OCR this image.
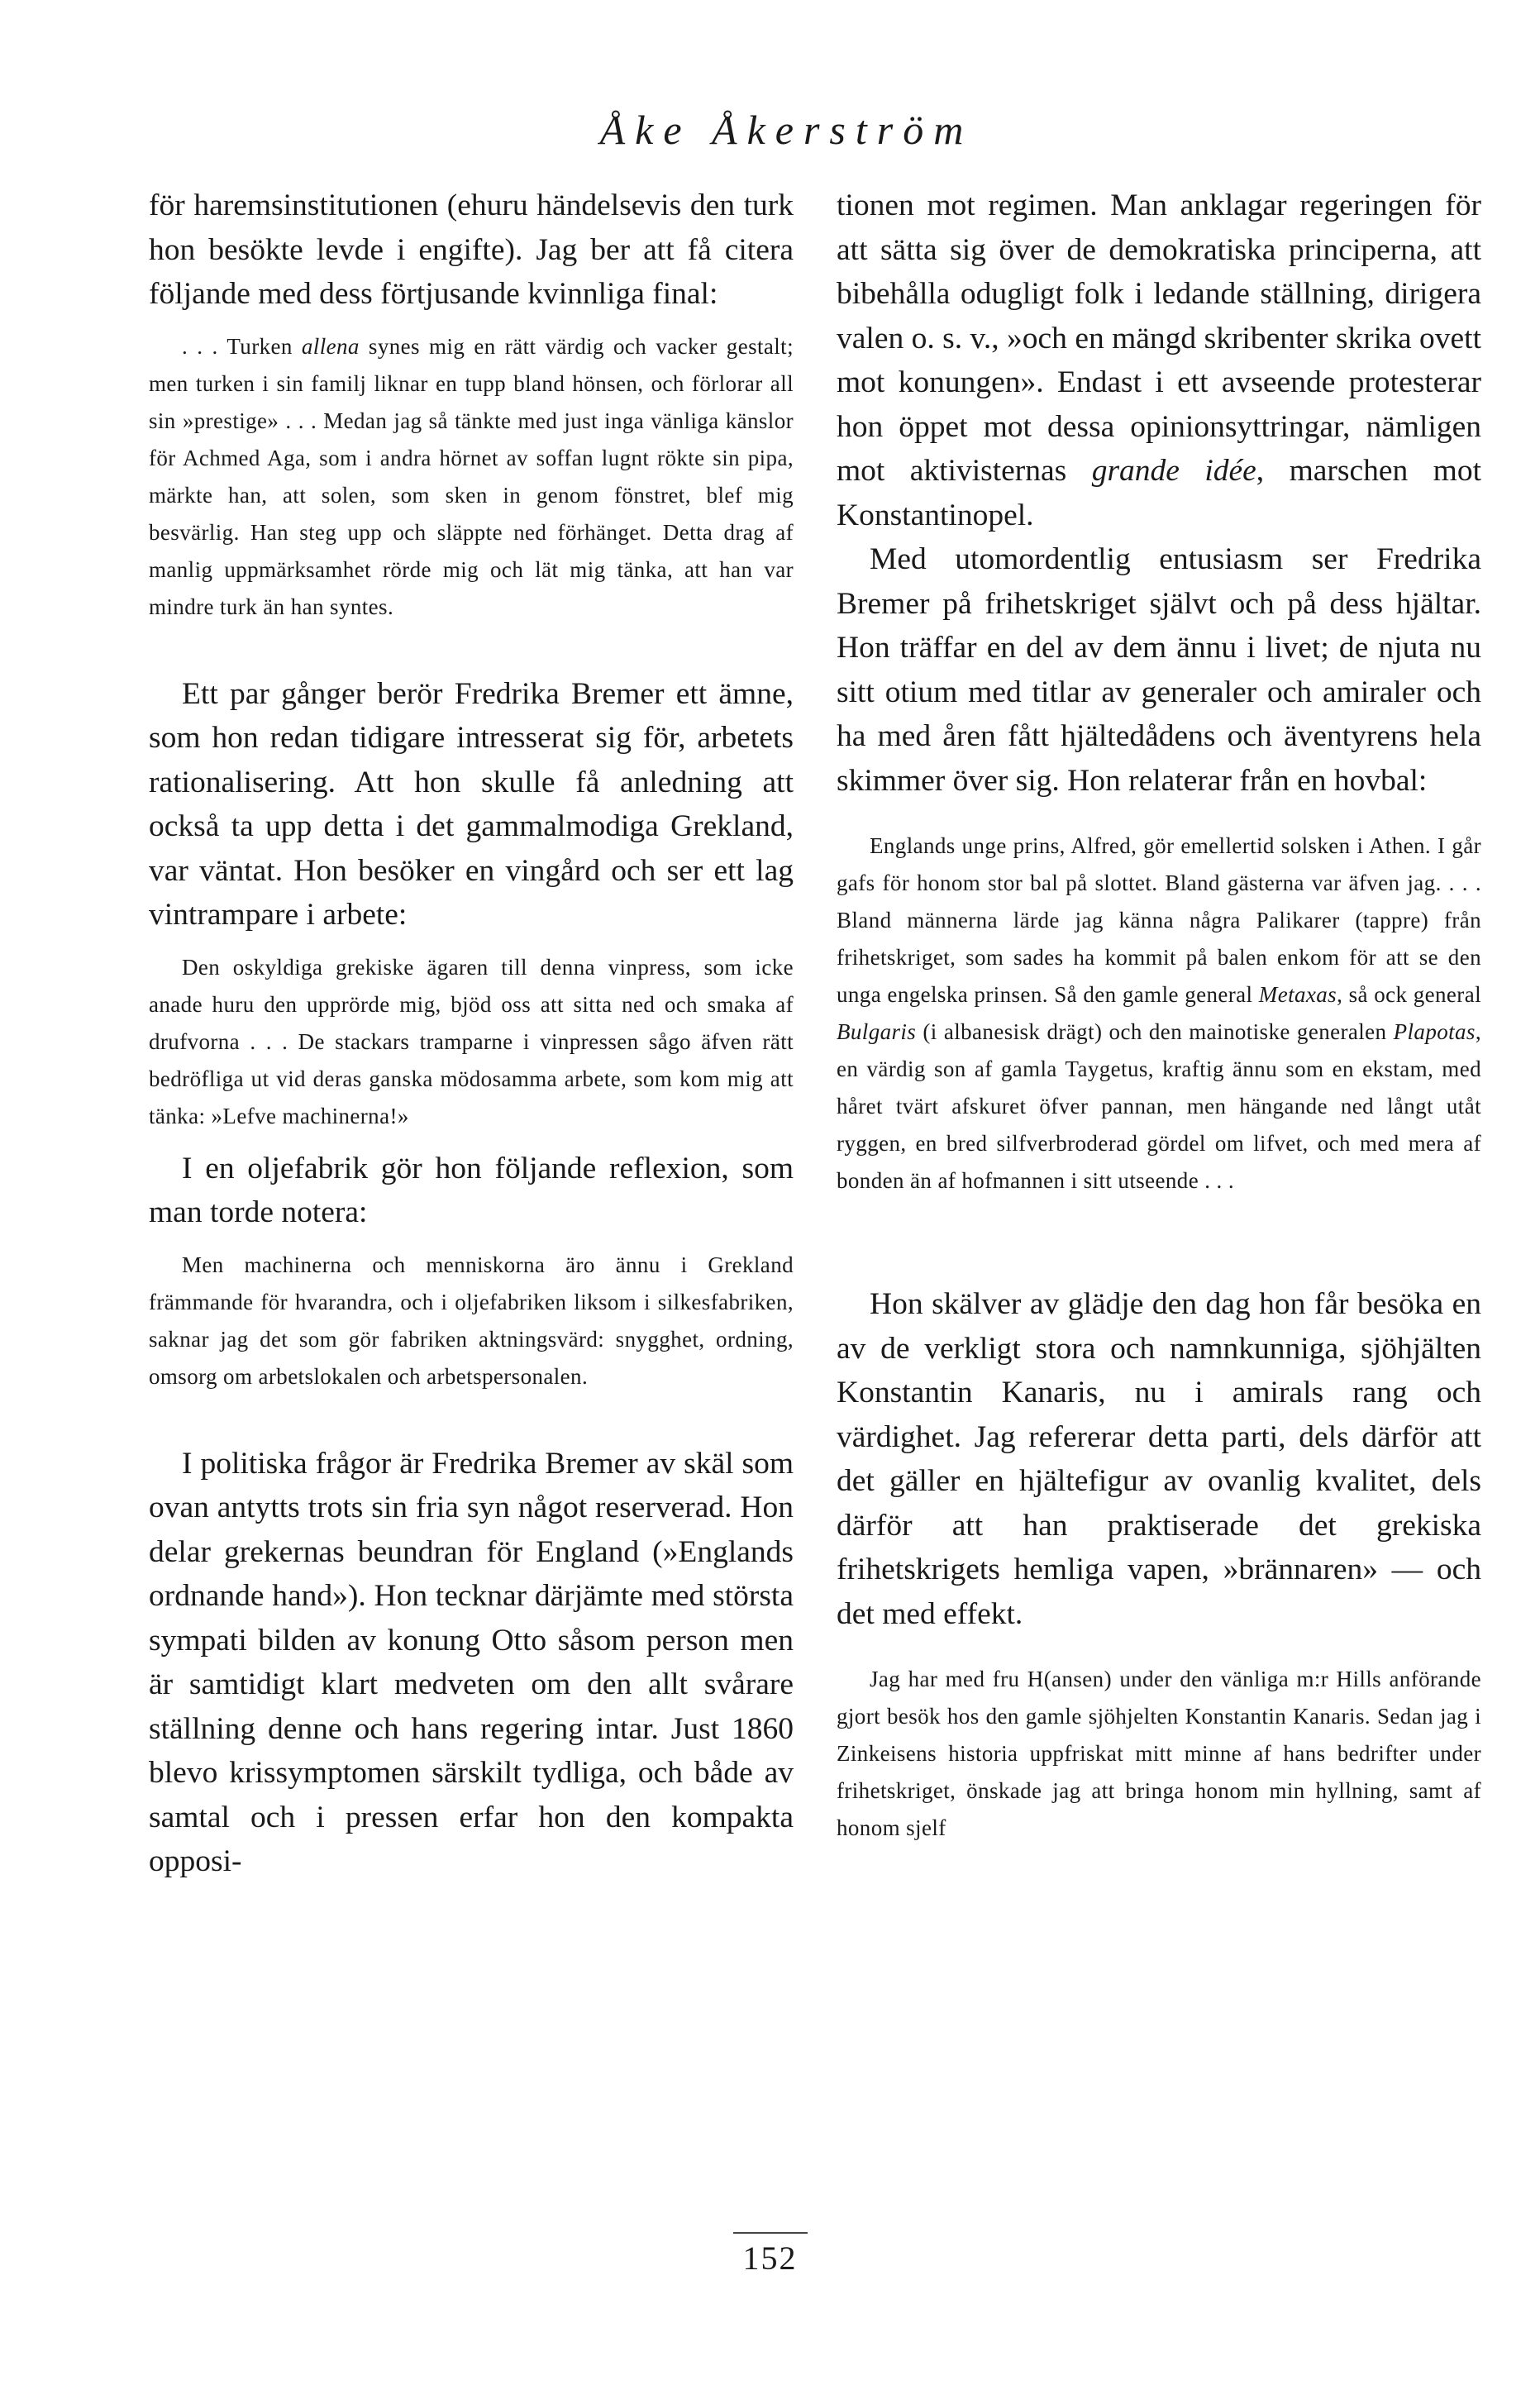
Åke Åkerström

för haremsinstitutionen (ehuru händelsevis den turk hon besökte levde i engifte). Jag ber att få citera följande med dess förtjusande kvinnliga final:

. . . Turken allena synes mig en rätt värdig och vacker gestalt; men turken i sin familj liknar en tupp bland hönsen, och förlorar all sin »prestige» . . . Medan jag så tänkte med just inga vänliga känslor för Achmed Aga, som i andra hörnet av soffan lugnt rökte sin pipa, märkte han, att solen, som sken in genom fönstret, blef mig besvärlig. Han steg upp och släppte ned förhänget. Detta drag af manlig uppmärksamhet rörde mig och lät mig tänka, att han var mindre turk än han syntes.

Ett par gånger berör Fredrika Bremer ett ämne, som hon redan tidigare intresserat sig för, arbetets rationalisering. Att hon skulle få anledning att också ta upp detta i det gammalmodiga Grekland, var väntat. Hon besöker en vingård och ser ett lag vintrampare i arbete:

Den oskyldiga grekiske ägaren till denna vinpress, som icke anade huru den upprörde mig, bjöd oss att sitta ned och smaka af drufvorna . . . De stackars tramparne i vinpressen sågo äfven rätt bedröfliga ut vid deras ganska mödosamma arbete, som kom mig att tänka: »Lefve machinerna!»

I en oljefabrik gör hon följande reflexion, som man torde notera:

Men machinerna och menniskorna äro ännu i Grekland främmande för hvarandra, och i oljefabriken liksom i silkesfabriken, saknar jag det som gör fabriken aktningsvärd: snygghet, ordning, omsorg om arbetslokalen och arbetspersonalen.

I politiska frågor är Fredrika Bremer av skäl som ovan antytts trots sin fria syn något reserverad. Hon delar grekernas beundran för England (»Englands ordnande hand»). Hon tecknar därjämte med största sympati bilden av konung Otto såsom person men är samtidigt klart medveten om den allt svårare ställning denne och hans regering intar. Just 1860 blevo krissymptomen särskilt tydliga, och både av samtal och i pressen erfar hon den kompakta opposi-

tionen mot regimen. Man anklagar regeringen för att sätta sig över de demokratiska principerna, att bibehålla odugligt folk i ledande ställning, dirigera valen o. s. v., »och en mängd skribenter skrika ovett mot konungen». Endast i ett avseende protesterar hon öppet mot dessa opinionsyttringar, nämligen mot aktivisternas grande idée, marschen mot Konstantinopel.

Med utomordentlig entusiasm ser Fredrika Bremer på frihetskriget självt och på dess hjältar. Hon träffar en del av dem ännu i livet; de njuta nu sitt otium med titlar av generaler och amiraler och ha med åren fått hjältedådens och äventyrens hela skimmer över sig. Hon relaterar från en hovbal:

Englands unge prins, Alfred, gör emellertid solsken i Athen. I går gafs för honom stor bal på slottet. Bland gästerna var äfven jag. . . . Bland männerna lärde jag känna några Palikarer (tappre) från frihetskriget, som sades ha kommit på balen enkom för att se den unga engelska prinsen. Så den gamle general Metaxas, så ock general Bulgaris (i albanesisk drägt) och den mainotiske generalen Plapotas, en värdig son af gamla Taygetus, kraftig ännu som en ekstam, med håret tvärt afskuret öfver pannan, men hängande ned långt utåt ryggen, en bred silfverbroderad gördel om lifvet, och med mera af bonden än af hofmannen i sitt utseende . . .

Hon skälver av glädje den dag hon får besöka en av de verkligt stora och namnkunniga, sjöhjälten Konstantin Kanaris, nu i amirals rang och värdighet. Jag refererar detta parti, dels därför att det gäller en hjältefigur av ovanlig kvalitet, dels därför att han praktiserade det grekiska frihetskrigets hemliga vapen, »brännaren» — och det med effekt.

Jag har med fru H(ansen) under den vänliga m:r Hills anförande gjort besök hos den gamle sjöhjelten Konstantin Kanaris. Sedan jag i Zinkeisens historia uppfriskat mitt minne af hans bedrifter under frihetskriget, önskade jag att bringa honom min hyllning, samt af honom sjelf

152
